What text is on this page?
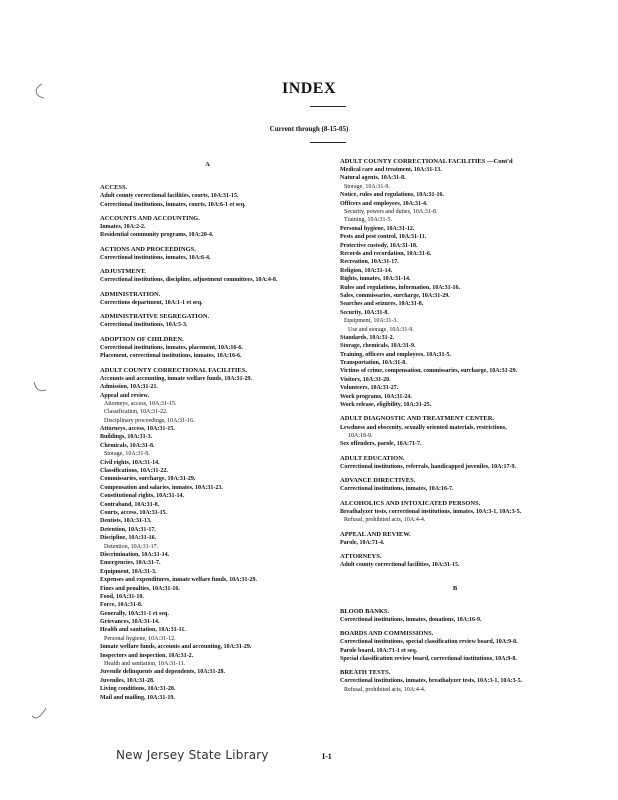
INDEX
Current through (8-15-05)
A
ACCESS.
Adult county correctional facilities, courts, 10A:31-15.
Correctional institutions, inmates, courts, 10A:6-1 et seq.
ACCOUNTS AND ACCOUNTING.
Inmates, 10A:2-2.
Residential community programs, 10A:20-4.
ACTIONS AND PROCEEDINGS.
Correctional institutions, inmates, 10A:6-4.
ADJUSTMENT.
Correctional institutions, discipline, adjustment committees, 10A:4-8.
ADMINISTRATION.
Corrections department, 10A:1-1 et seq.
ADMINISTRATIVE SEGREGATION.
Correctional institutions, 10A:5-3.
ADOPTION OF CHILDREN.
Correctional institutions, inmates, placement, 10A:16-6.
Placement, correctional institutions, inmates, 10A:16-6.
ADULT COUNTY CORRECTIONAL FACILITIES.
Accounts and accounting, inmate welfare funds, 10A:31-29.
Admission, 10A:31-21.
Appeal and review.
Attorneys, access, 10A:31-15.
Classification, 10A:31-22.
Disciplinary proceedings, 10A:31-16.
Attorneys, access, 10A:31-15.
Buildings, 10A:31-3.
Chemicals, 10A:31-8.
Storage, 10A:31-9.
Civil rights, 10A:31-14.
Classifications, 10A:31-22.
Commissaries, surcharge, 10A:31-29.
Compensation and salaries, inmates, 10A:31-23.
Constitutional rights, 10A:31-14.
Contraband, 10A:31-8.
Courts, access, 10A:31-15.
Dentists, 10A:31-13.
Detention, 10A:31-17.
Discipline, 10A:31-16.
Detention, 10A:31-17.
Discrimination, 10A:31-14.
Emergencies, 10A:31-7.
Equipment, 10A:31-3.
Expenses and expenditures, inmate welfare funds, 10A:31-29.
Fines and penalties, 10A:31-16.
Food, 10A:31-10.
Force, 10A:31-8.
Generally, 10A:31-1 et seq.
Grievances, 10A:31-14.
Health and sanitation, 10A:31-11.
Personal hygiene, 10A:31-12.
Inmate welfare funds, accounts and accounting, 10A:31-29.
Inspectors and inspection, 10A:31-2.
Health and sanitation, 10A:31-11.
Juvenile delinquents and dependents, 10A:31-28.
Juveniles, 10A:31-28.
Living conditions, 10A:31-28.
Mail and mailing, 10A:31-19.
ADULT COUNTY CORRECTIONAL FACILITIES —Cont'd
Medical care and treatment, 10A:31-13.
Natural agents, 10A:31-8.
Storage, 10A:31-9.
Notice, rules and regulations, 10A:31-16.
Officers and employees, 10A:31-4.
Security, powers and duties, 10A:31-8.
Training, 10A:31-5.
Personal hygiene, 10A:31-12.
Pests and pest control, 10A:31-11.
Protective custody, 10A:31-18.
Records and recordation, 10A:31-6.
Recreation, 10A:31-17.
Religion, 10A:31-14.
Rights, inmates, 10A:31-14.
Rules and regulations, information, 10A:31-16.
Sales, commissaries, surcharge, 10A:31-29.
Searches and seizures, 10A:31-8.
Security, 10A:31-8.
Equipment, 10A:31-3.
Use and storage, 10A:31-9.
Standards, 10A:31-2.
Storage, chemicals, 10A:31-9.
Training, officers and employees, 10A:31-5.
Transportation, 10A:31-8.
Victims of crime, compensation, commissaries, surcharge, 10A:31-29.
Visitors, 10A:31-20.
Volunteers, 10A:31-27.
Work programs, 10A:31-24.
Work release, eligibility, 10A:31-25.
ADULT DIAGNOSTIC AND TREATMENT CENTER.
Lewdness and obscenity, sexually oriented materials, restrictions,
10A:18-9.
Sex offenders, parole, 10A:71-7.
ADULT EDUCATION.
Correctional institutions, referrals, handicapped juveniles, 10A:17-9.
ADVANCE DIRECTIVES.
Correctional institutions, inmates, 10A:16-7.
ALCOHOLICS AND INTOXICATED PERSONS.
Breathalyzer tests, correctional institutions, inmates, 10A:3-1, 10A:3-5.
Refusal, prohibited acts, 10A:4-4.
APPEAL AND REVIEW.
Parole, 10A:71-4.
ATTORNEYS.
Adult county correctional facilities, 10A:31-15.
B
BLOOD BANKS.
Correctional institutions, inmates, donations, 10A:16-9.
BOARDS AND COMMISSIONS.
Correctional institutions, special classification review board, 10A:9-8.
Parole board, 10A:71-1 et seq.
Special classification review board, correctional institutions, 10A:9-8.
BREATH TESTS.
Correctional institutions, inmates, breathalyzer tests, 10A:3-1, 10A:3-5.
Refusal, prohibited acts, 10A:4-4.
New Jersey State Library	I-1
